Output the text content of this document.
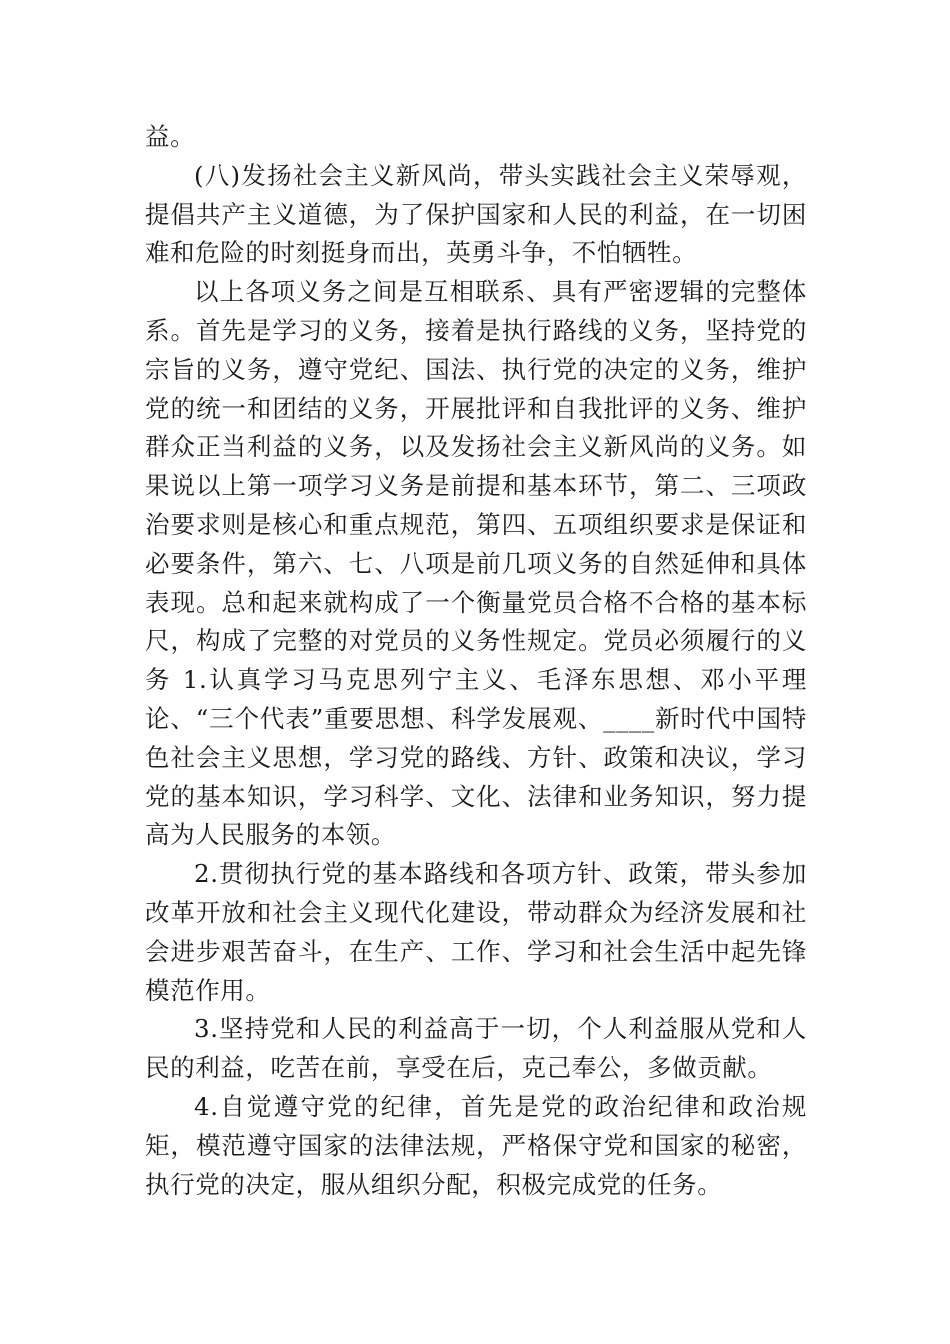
益。

(八)发扬社会主义新风尚，带头实践社会主义荣辱观，提倡共产主义道德，为了保护国家和人民的利益，在一切困难和危险的时刻挺身而出，英勇斗争，不怕牺牲。

以上各项义务之间是互相联系、具有严密逻辑的完整体系。首先是学习的义务，接着是执行路线的义务，坚持党的宗旨的义务，遵守党纪、国法、执行党的决定的义务，维护党的统一和团结的义务，开展批评和自我批评的义务、维护群众正当利益的义务，以及发扬社会主义新风尚的义务。如果说以上第一项学习义务是前提和基本环节，第二、三项政治要求则是核心和重点规范，第四、五项组织要求是保证和必要条件，第六、七、八项是前几项义务的自然延伸和具体表现。总和起来就构成了一个衡量党员合格不合格的基本标尺，构成了完整的对党员的义务性规定。党员必须履行的义务 1.认真学习马克思列宁主义、毛泽东思想、邓小平理论、“三个代表”重要思想、科学发展观、____新时代中国特色社会主义思想，学习党的路线、方针、政策和决议，学习党的基本知识，学习科学、文化、法律和业务知识，努力提高为人民服务的本领。

2.贯彻执行党的基本路线和各项方针、政策，带头参加改革开放和社会主义现代化建设，带动群众为经济发展和社会进步艰苦奋斗，在生产、工作、学习和社会生活中起先锋模范作用。

3.坚持党和人民的利益高于一切，个人利益服从党和人民的利益，吃苦在前，享受在后，克己奉公，多做贡献。

4.自觉遵守党的纪律，首先是党的政治纪律和政治规矩，模范遵守国家的法律法规，严格保守党和国家的秘密，执行党的决定，服从组织分配，积极完成党的任务。
